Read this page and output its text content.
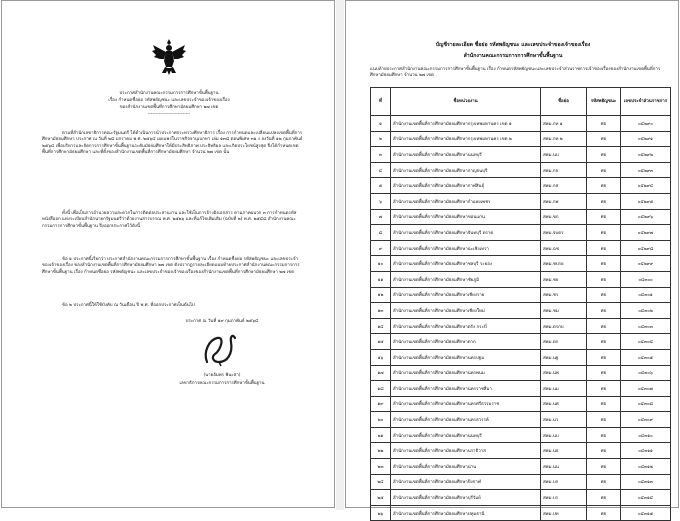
ประกาศสำนักงานคณะกรรมการการศึกษาขั้นพื้นฐาน
เรื่อง กำหนดชื่อย่อ รหัสพยัญชนะ และเลขประจำของเจ้าของเรื่อง
ของสำนักงานเขตพื้นที่การศึกษามัธยมศึกษา ๒๗ เขต
---------------------------
ตามที่สำนักเลขาธิการคณะรัฐมนตรี ได้ดำเนินการนำประกาศกระทรวงศึกษาธิการ เรื่อง การกำหนดและเปลี่ยนแปลงเขตพื้นที่การศึกษามัธยมศึกษา ประกาศ ณ วันที่ ๒๘ มกราคม พ.ศ. ๒๕๖๔ เผยแพร่ในราชกิจจานุเบกษา เล่ม ๑๓๘ ตอนพิเศษ ๓๑ ง ลงวันที่ ๑๒ กุมภาพันธ์ ๒๕๖๔ เพื่อบริหารและจัดการการศึกษาขั้นพื้นฐานระดับมัธยมศึกษาให้มีประสิทธิภาพ ประสิทธิผล และเกิดประโยชน์สูงสุด จึงได้กำหนดเขตพื้นที่การศึกษามัธยมศึกษา และที่ตั้งของสำนักงานเขตพื้นที่การศึกษามัธยมศึกษา จำนวน ๒๗ เขต นั้น
ทั้งนี้ เพื่อเป็นการอำนวยความสะดวกในการติดต่อประสานงาน และใช้เป็นการอ้างอิงเอกสาร ตามภาคผนวก ๓ การกำหนดรหัสหนังสืออก แห่งระเบียบสำนักนายกรัฐมนตรีว่าด้วยงานสารบรรณ พ.ศ. ๒๕๒๖ และที่แก้ไขเพิ่มเติม (ฉบับที่ ๒) พ.ศ. ๒๕๔๘ สำนักงานคณะกรรมการการศึกษาขั้นพื้นฐาน จึงออกประกาศไว้ดังนี้
ข้อ ๑ ประกาศนี้เรียกว่า ประกาศสำนักงานคณะกรรมการการศึกษาขั้นพื้นฐาน เรื่อง กำหนดชื่อย่อ รหัสพยัญชนะ และเลขประจำของเจ้าของเรื่อง ของสำนักงานเขตพื้นที่การศึกษามัธยมศึกษา ๒๗ เขต ดังปรากฏรายละเอียดแนบท้ายประกาศสำนักงานคณะกรรมการการศึกษาขั้นพื้นฐาน เรื่อง กำหนดชื่อย่อ รหัสพยัญชนะ และเลขประจำของเจ้าของเรื่องของสำนักงานเขตพื้นที่การศึกษามัธยมศึกษา ๒๗ เขต
ข้อ ๒ ประกาศนี้ให้ใช้บังคับ ณ วันเดือน ปี พ.ศ. ที่ออกประกาศเป็นต้นไป
ประกาศ ณ วันที่ ๑๙ กุมภาพันธ์ ๒๕๖๔
(นายอัมพร พินะสา)
เลขาธิการคณะกรรมการการศึกษาขั้นพื้นฐาน
บัญชีรายละเอียด ชื่อย่อ รหัสพยัญชนะ และเลขประจำของเจ้าของเรื่อง
สำนักงานคณะกรรมการการศึกษาขั้นพื้นฐาน
แนบท้ายประกาศสำนักงานคณะกรรมการการศึกษาขั้นพื้นฐาน เรื่อง กำหนดรหัสพยัญชนะและเลขประจำส่วนราชการเจ้าของเรื่องของสำนักงานเขตพื้นที่การศึกษามัธยมศึกษา จำนวน ๒๗ เขต
ที่	ชื่อหน่วยงาน	ชื่อย่อ	รหัสพยัญชนะ	เลขประจำส่วนราชการ
๑	สำนักงานเขตพื้นที่การศึกษามัธยมศึกษากรุงเทพมหานคร เขต ๑	สพม.กท ๑	ศธ	๐๔๒๙๐
๒	สำนักงานเขตพื้นที่การศึกษามัธยมศึกษากรุงเทพมหานคร เขต ๒	สพม.กท ๒	ศธ	๐๔๒๙๑
๓	สำนักงานเขตพื้นที่การศึกษามัธยมศึกษานนทบุรี	สพม.นบ	ศธ	๐๔๒๙๒
๔	สำนักงานเขตพื้นที่การศึกษามัธยมศึกษากาญจนบุรี	สพม.กจ	ศธ	๐๔๒๙๓
๕	สำนักงานเขตพื้นที่การศึกษามัธยมศึกษากาฬสินธุ์	สพม.กส	ศธ	๐๔๒๙๔
๖	สำนักงานเขตพื้นที่การศึกษามัธยมศึกษากำแพงเพชร	สพม.กพ	ศธ	๐๔๒๙๕
๗	สำนักงานเขตพื้นที่การศึกษามัธยมศึกษาขอนแก่น	สพม.ขก	ศธ	๐๔๒๙๖
๘	สำนักงานเขตพื้นที่การศึกษามัธยมศึกษาจันทบุรี ตราด	สพม.จบตร	ศธ	๐๔๒๙๗
๙	สำนักงานเขตพื้นที่การศึกษามัธยมศึกษาฉะเชิงเทรา	สพม.ฉช	ศธ	๐๔๒๙๘
๑๐	สำนักงานเขตพื้นที่การศึกษามัธยมศึกษาชลบุรี ระยอง	สพม.ชบรย	ศธ	๐๔๒๙๙
๑๑	สำนักงานเขตพื้นที่การศึกษามัธยมศึกษาชัยภูมิ	สพม.ชย	ศธ	๐๔๓๐๐
๑๒	สำนักงานเขตพื้นที่การศึกษามัธยมศึกษาเชียงราย	สพม.ชร	ศธ	๐๔๓๐๑
๑๓	สำนักงานเขตพื้นที่การศึกษามัธยมศึกษาเชียงใหม่	สพม.ชม	ศธ	๐๔๓๐๒
๑๔	สำนักงานเขตพื้นที่การศึกษามัธยมศึกษาตรัง กระบี่	สพม.ตรกบ	ศธ	๐๔๓๐๓
๑๕	สำนักงานเขตพื้นที่การศึกษามัธยมศึกษาตาก	สพม.ตก	ศธ	๐๔๓๐๔
๑๖	สำนักงานเขตพื้นที่การศึกษามัธยมศึกษานครปฐม	สพม.นฐ	ศธ	๐๔๓๐๕
๑๗	สำนักงานเขตพื้นที่การศึกษามัธยมศึกษานครพนม	สพม.นพ	ศธ	๐๔๓๐๖
๑๘	สำนักงานเขตพื้นที่การศึกษามัธยมศึกษานครราชสีมา	สพม.นม	ศธ	๐๔๓๐๗
๑๙	สำนักงานเขตพื้นที่การศึกษามัธยมศึกษานครศรีธรรมราช	สพม.นศ	ศธ	๐๔๓๐๘
๒๐	สำนักงานเขตพื้นที่การศึกษามัธยมศึกษานครสวรรค์	สพม.นว	ศธ	๐๔๓๐๙
๒๑	สำนักงานเขตพื้นที่การศึกษามัธยมศึกษานนทบุรี	สพม.นบ	ศธ	๐๔๓๑๐
๒๒	สำนักงานเขตพื้นที่การศึกษามัธยมศึกษานราธิวาส	สพม.นธ	ศธ	๐๔๓๑๑
๒๓	สำนักงานเขตพื้นที่การศึกษามัธยมศึกษาน่าน	สพม.นน	ศธ	๐๔๓๑๒
๒๔	สำนักงานเขตพื้นที่การศึกษามัธยมศึกษาบึงกาฬ	สพม.บก	ศธ	๐๔๓๑๓
๒๕	สำนักงานเขตพื้นที่การศึกษามัธยมศึกษาบุรีรัมย์	สพม.บร	ศธ	๐๔๓๑๔
๒๖	สำนักงานเขตพื้นที่การศึกษามัธยมศึกษาปทุมธานี	สพม.ปท	ศธ	๐๔๓๑๕
